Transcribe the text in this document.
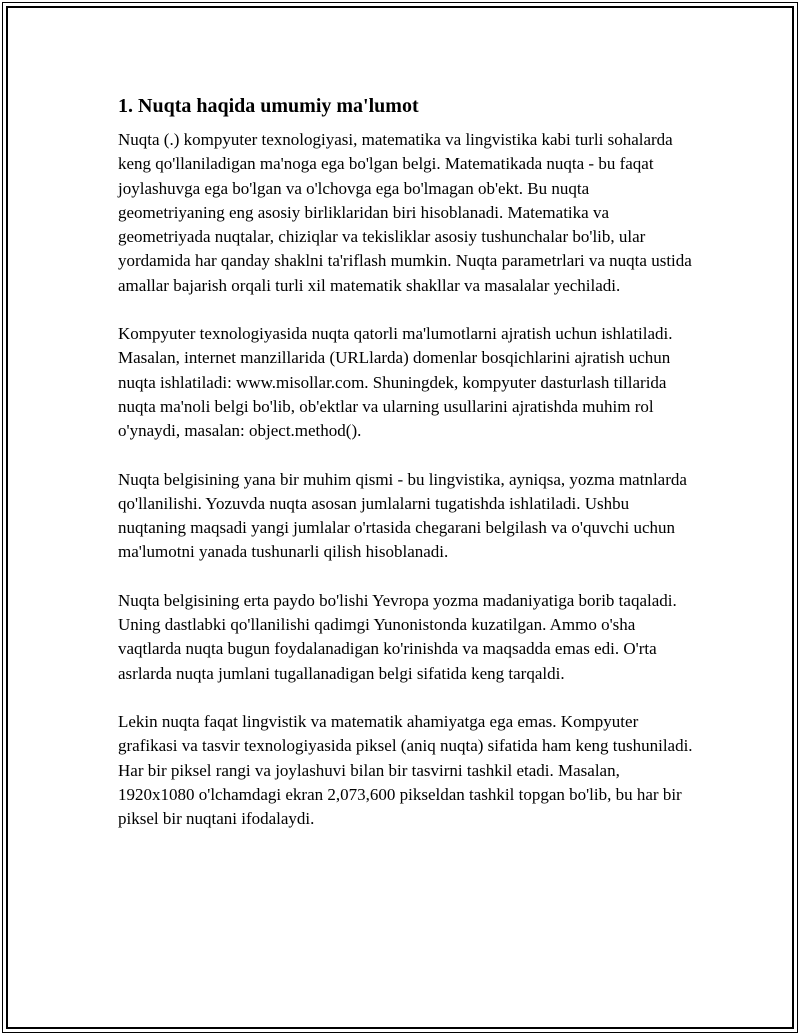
1. Nuqta haqida umumiy ma'lumot

Nuqta (.) kompyuter texnologiyasi, matematika va lingvistika kabi turli sohalarda keng qo'llaniladigan ma'noga ega bo'lgan belgi. Matematikada nuqta - bu faqat joylashuvga ega bo'lgan va o'lchovga ega bo'lmagan ob'ekt. Bu nuqta geometriyaning eng asosiy birliklaridan biri hisoblanadi. Matematika va geometriyada nuqtalar, chiziqlar va tekisliklar asosiy tushunchalar bo'lib, ular yordamida har qanday shaklni ta'riflash mumkin. Nuqta parametrlari va nuqta ustida amallar bajarish orqali turli xil matematik shakllar va masalalar yechiladi.

Kompyuter texnologiyasida nuqta qatorli ma'lumotlarni ajratish uchun ishlatiladi. Masalan, internet manzillarida (URLlarda) domenlar bosqichlarini ajratish uchun nuqta ishlatiladi: www.misollar.com. Shuningdek, kompyuter dasturlash tillarida nuqta ma'noli belgi bo'lib, ob'ektlar va ularning usullarini ajratishda muhim rol o'ynaydi, masalan: object.method().

Nuqta belgisining yana bir muhim qismi - bu lingvistika, ayniqsa, yozma matnlarda qo'llanilishi. Yozuvda nuqta asosan jumlalarni tugatishda ishlatiladi. Ushbu nuqtaning maqsadi yangi jumlalar o'rtasida chegarani belgilash va o'quvchi uchun ma'lumotni yanada tushunarli qilish hisoblanadi.

Nuqta belgisining erta paydo bo'lishi Yevropa yozma madaniyatiga borib taqaladi. Uning dastlabki qo'llanilishi qadimgi Yunonistonda kuzatilgan. Ammo o'sha vaqtlarda nuqta bugun foydalanadigan ko'rinishda va maqsadda emas edi. O'rta asrlarda nuqta jumlani tugallanadigan belgi sifatida keng tarqaldi.

Lekin nuqta faqat lingvistik va matematik ahamiyatga ega emas. Kompyuter grafikasi va tasvir texnologiyasida piksel (aniq nuqta) sifatida ham keng tushuniladi. Har bir piksel rangi va joylashuvi bilan bir tasvirni tashkil etadi. Masalan, 1920x1080 o'lchamdagi ekran 2,073,600 pikseldan tashkil topgan bo'lib, bu har bir piksel bir nuqtani ifodalaydi.
